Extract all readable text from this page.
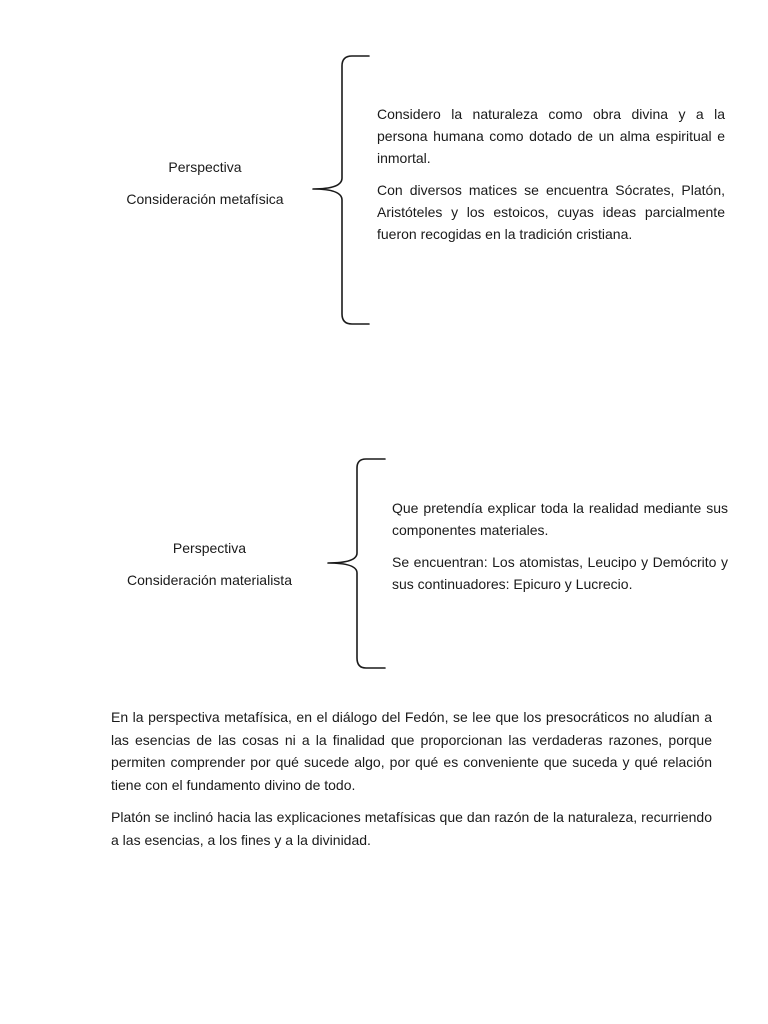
Perspectiva
Consideración metafísica

Considero la naturaleza como obra divina y a la persona humana como dotado de un alma espiritual e inmortal.

Con diversos matices se encuentra Sócrates, Platón, Aristóteles y los estoicos, cuyas ideas parcialmente fueron recogidas en la tradición cristiana.

Perspectiva
Consideración materialista

Que pretendía explicar toda la realidad mediante sus componentes materiales.

Se encuentran: Los atomistas, Leucipo y Demócrito y sus continuadores: Epicuro y Lucrecio.

En la perspectiva metafísica, en el diálogo del Fedón, se lee que los presocráticos no aludían a las esencias de las cosas ni a la finalidad que proporcionan las verdaderas razones, porque permiten comprender por qué sucede algo, por qué es conveniente que suceda y qué relación tiene con el fundamento divino de todo.

Platón se inclinó hacia las explicaciones metafísicas que dan razón de la naturaleza, recurriendo a las esencias, a los fines y a la divinidad.
